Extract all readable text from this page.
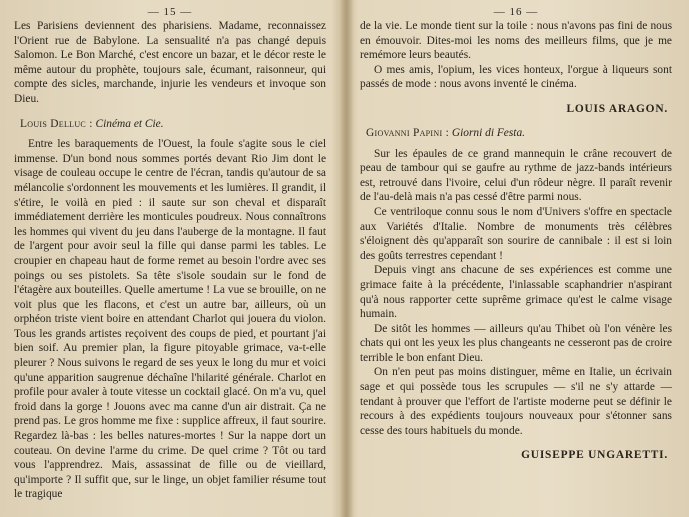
— 15 —

Les Parisiens deviennent des pharisiens. Madame, reconnaissez l'Orient rue de Babylone. La sensualité n'a pas changé depuis Salomon. Le Bon Marché, c'est encore un bazar, et le décor reste le même autour du prophète, toujours sale, écumant, raisonneur, qui compte des sicles, marchande, injurie les vendeurs et invoque son Dieu.

Louis Delluc : Cinéma et Cie.

Entre les baraquements de l'Ouest, la foule s'agite sous le ciel immense. D'un bond nous sommes portés devant Rio Jim dont le visage de couleau occupe le centre de l'écran, tandis qu'autour de sa mélancolie s'ordonnent les mouvements et les lumières. Il grandit, il s'étire, le voilà en pied : il saute sur son cheval et disparaît immédiatement derrière les monticules poudreux. Nous connaîtrons les hommes qui vivent du jeu dans l'auberge de la montagne. Il faut de l'argent pour avoir seul la fille qui danse parmi les tables. Le croupier en chapeau haut de forme remet au besoin l'ordre avec ses poings ou ses pistolets. Sa tête s'isole soudain sur le fond de l'étagère aux bouteilles. Quelle amertume ! La vue se brouille, on ne voit plus que les flacons, et c'est un autre bar, ailleurs, où un orphéon triste vient boire en attendant Charlot qui jouera du violon. Tous les grands artistes reçoivent des coups de pied, et pourtant j'ai bien soif. Au premier plan, la figure pitoyable grimace, va-t-elle pleurer ? Nous suivons le regard de ses yeux le long du mur et voici qu'une apparition saugrenue déchaîne l'hilarité générale. Charlot en profile pour avaler à toute vitesse un cocktail glacé. On m'a vu, quel froid dans la gorge ! Jouons avec ma canne d'un air distrait. Ça ne prend pas. Le gros homme me fixe : supplice affreux, il faut sourire. Regardez là-bas : les belles natures-mortes ! Sur la nappe dort un couteau. On devine l'arme du crime. De quel crime ? Tôt ou tard vous l'apprendrez. Mais, assassinat de fille ou de vieillard, qu'importe ? Il suffit que, sur le linge, un objet familier résume tout le tragique

— 16 —

de la vie. Le monde tient sur la toile : nous n'avons pas fini de nous en émouvoir. Dites-moi les noms des meilleurs films, que je me remémore leurs beautés.

O mes amis, l'opium, les vices honteux, l'orgue à liqueurs sont passés de mode : nous avons inventé le cinéma.

LOUIS ARAGON.
Giovanni Papini : Giorni di Festa.

Sur les épaules de ce grand mannequin le crâne recouvert de peau de tambour qui se gaufre au rythme de jazz-bands intérieurs est, retrouvé dans l'ivoire, celui d'un rôdeur nègre. Il paraît revenir de l'au-delà mais n'a pas cessé d'être parmi nous.

Ce ventriloque connu sous le nom d'Univers s'offre en spectacle aux Variétés d'Italie. Nombre de monuments très célèbres s'éloignent dès qu'apparaît son sourire de cannibale : il est si loin des goûts terrestres cependant !

Depuis vingt ans chacune de ses expériences est comme une grimace faite à la précédente, l'inlassable scaphandrier n'aspirant qu'à nous rapporter cette suprême grimace qu'est le calme visage humain.

De sitôt les hommes — ailleurs qu'au Thibet où l'on vénère les chats qui ont les yeux les plus changeants ne cesseront pas de croire terrible le bon enfant Dieu.

On n'en peut pas moins distinguer, même en Italie, un écrivain sage et qui possède tous les scrupules — s'il ne s'y attarde — tendant à prouver que l'effort de l'artiste moderne peut se définir le recours à des expédients toujours nouveaux pour s'étonner sans cesse des tours habituels du monde.

GUISEPPE UNGARETTI.
